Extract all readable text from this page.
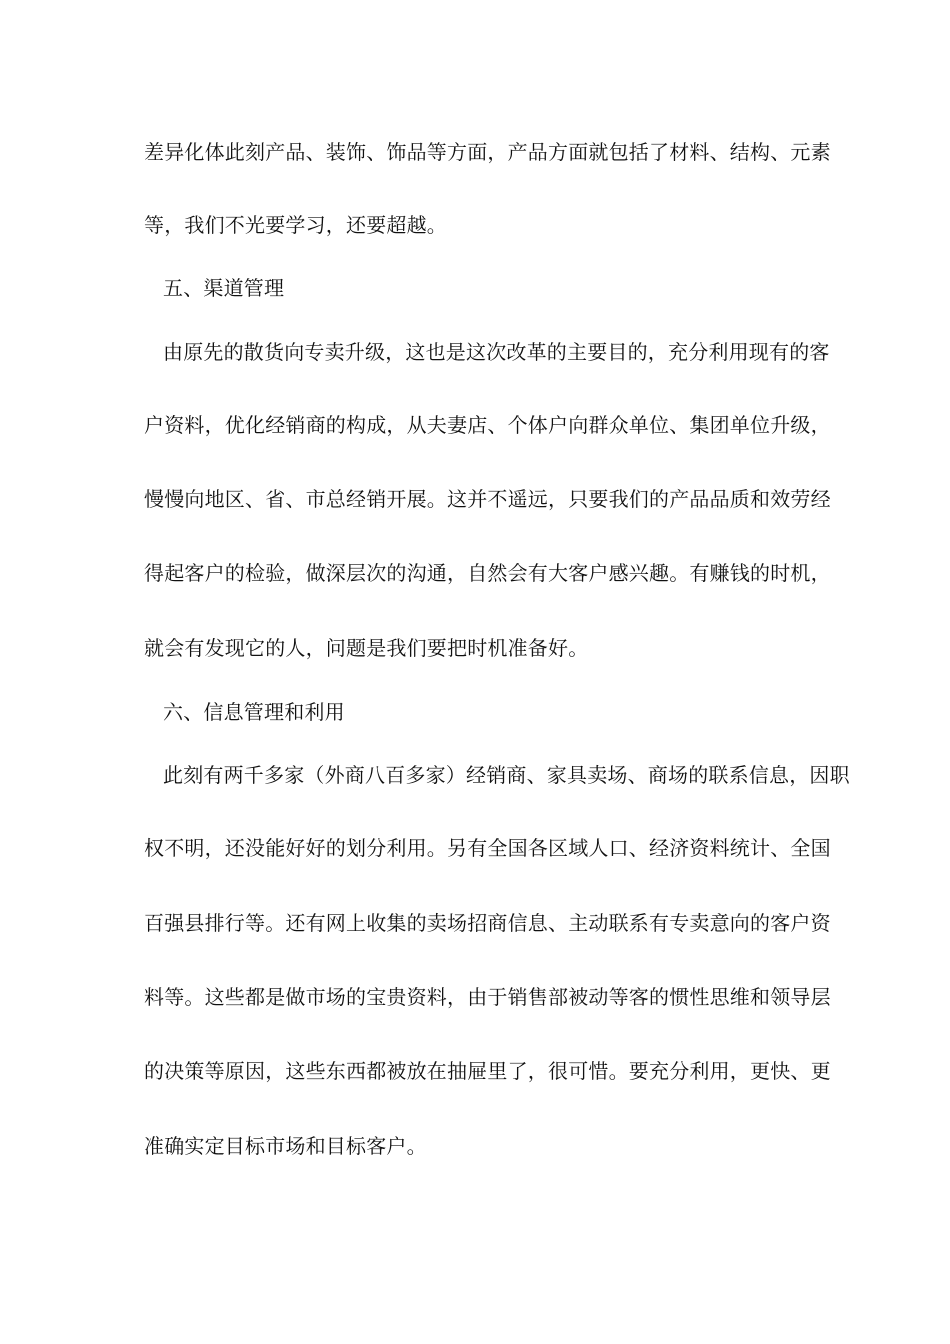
差异化体此刻产品、装饰、饰品等方面，产品方面就包括了材料、结构、元素
等，我们不光要学习，还要超越。
五、渠道管理
由原先的散货向专卖升级，这也是这次改革的主要目的，充分利用现有的客
户资料，优化经销商的构成，从夫妻店、个体户向群众单位、集团单位升级，
慢慢向地区、省、市总经销开展。这并不遥远，只要我们的产品品质和效劳经
得起客户的检验，做深层次的沟通，自然会有大客户感兴趣。有赚钱的时机，
就会有发现它的人，问题是我们要把时机准备好。
六、信息管理和利用
此刻有两千多家（外商八百多家）经销商、家具卖场、商场的联系信息，因职
权不明，还没能好好的划分利用。另有全国各区域人口、经济资料统计、全国
百强县排行等。还有网上收集的卖场招商信息、主动联系有专卖意向的客户资
料等。这些都是做市场的宝贵资料，由于销售部被动等客的惯性思维和领导层
的决策等原因，这些东西都被放在抽屉里了，很可惜。要充分利用，更快、更
准确实定目标市场和目标客户。
